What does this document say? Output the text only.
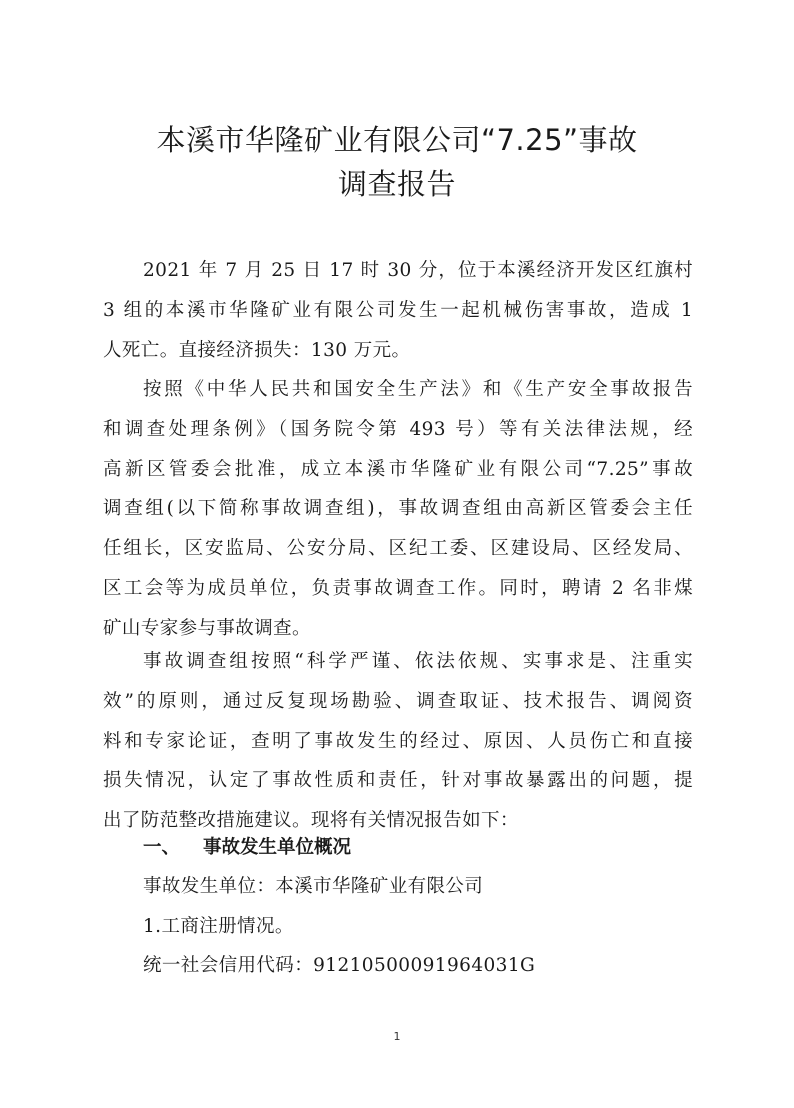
本溪市华隆矿业有限公司“7.25”事故
调查报告
2021 年 7 月 25 日 17 时 30 分，位于本溪经济开发区红旗村
3 组的本溪市华隆矿业有限公司发生一起机械伤害事故，造成 1
人死亡。直接经济损失：130 万元。
按照《中华人民共和国安全生产法》和《生产安全事故报告
和调查处理条例》（国务院令第 493 号）等有关法律法规，经
高新区管委会批准，成立本溪市华隆矿业有限公司“7.25”事故
调查组(以下简称事故调查组)，事故调查组由高新区管委会主任
任组长，区安监局、公安分局、区纪工委、区建设局、区经发局、
区工会等为成员单位，负责事故调查工作。同时，聘请 2 名非煤
矿山专家参与事故调查。
事故调查组按照“科学严谨、依法依规、实事求是、注重实
效”的原则，通过反复现场勘验、调查取证、技术报告、调阅资
料和专家论证，查明了事故发生的经过、原因、人员伤亡和直接
损失情况，认定了事故性质和责任，针对事故暴露出的问题，提
出了防范整改措施建议。现将有关情况报告如下：
一、 事故发生单位概况
事故发生单位：本溪市华隆矿业有限公司
1.工商注册情况。
统一社会信用代码：91210500091964031G
1
